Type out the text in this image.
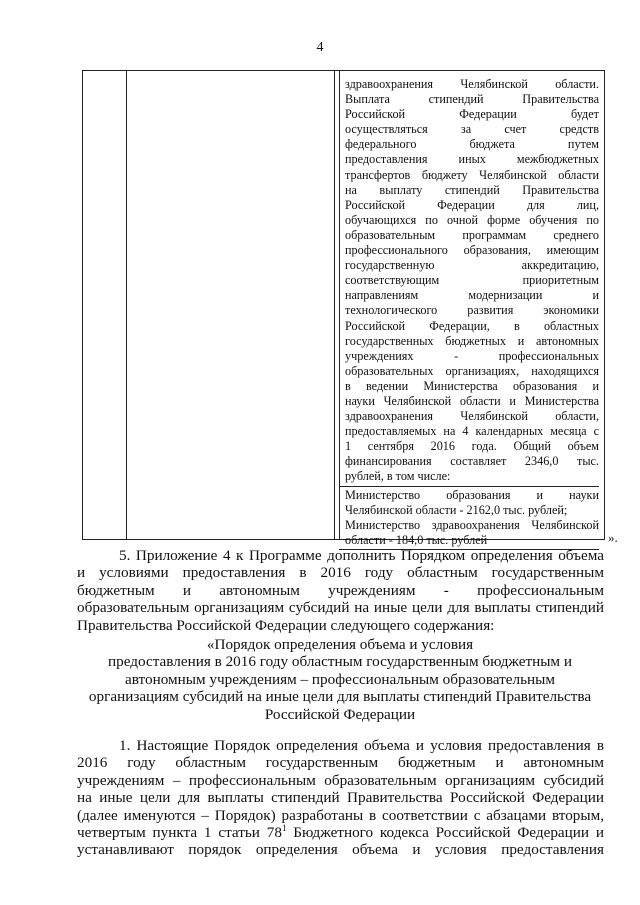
4
здравоохранения Челябинской области.
Выплата стипендий Правительства
Российской Федерации будет
осуществляться за счет средств
федерального бюджета путем
предоставления иных межбюджетных
трансфертов бюджету Челябинской области
на выплату стипендий Правительства
Российской Федерации для лиц,
обучающихся по очной форме обучения по
образовательным программам среднего
профессионального образования, имеющим
государственную аккредитацию,
соответствующим приоритетным
направлениям модернизации и
технологического развития экономики
Российской Федерации, в областных
государственных бюджетных и автономных
учреждениях - профессиональных
образовательных организациях, находящихся
в ведении Министерства образования и
науки Челябинской области и Министерства
здравоохранения Челябинской области,
предоставляемых на 4 календарных месяца с
1 сентября 2016 года. Общий объем
финансирования составляет 2346,0 тыс.
рублей, в том числе:
Министерство образования и науки
Челябинской области - 2162,0 тыс. рублей;
Министерство здравоохранения Челябинской
области - 184,0 тыс. рублей	».
5. Приложение 4 к Программе дополнить Порядком определения объема
и условиями предоставления в 2016 году областным государственным
бюджетным и автономным учреждениям - профессиональным
образовательным организациям субсидий на иные цели для выплаты стипендий
Правительства Российской Федерации следующего содержания:
«Порядок определения объема и условия
предоставления в 2016 году областным государственным бюджетным и
автономным учреждениям – профессиональным образовательным
организациям субсидий на иные цели для выплаты стипендий Правительства
Российской Федерации
1. Настоящие Порядок определения объема и условия предоставления в
2016 году областным государственным бюджетным и автономным
учреждениям – профессиональным образовательным организациям субсидий
на иные цели для выплаты стипендий Правительства Российской Федерации
(далее именуются – Порядок) разработаны в соответствии с абзацами вторым,
четвертым пункта 1 статьи $78^1$ Бюджетного кодекса Российской Федерации и
устанавливают порядок определения объема и условия предоставления
